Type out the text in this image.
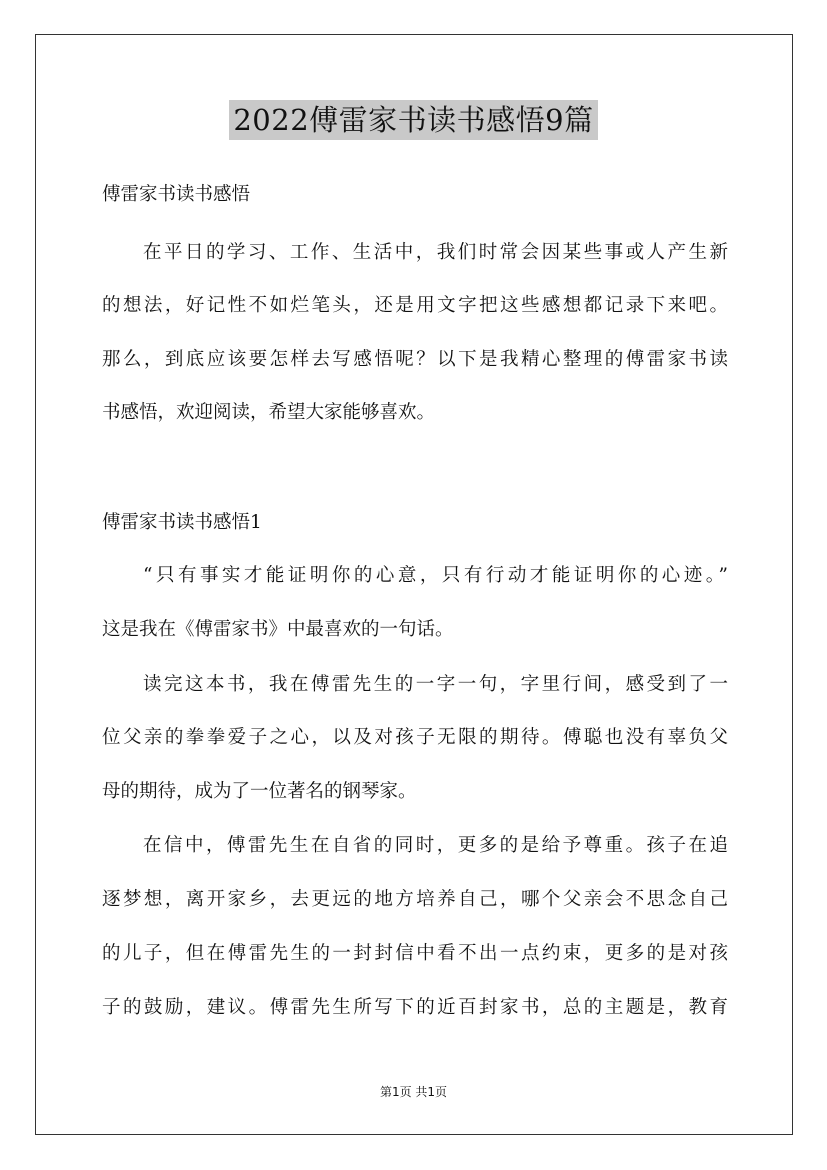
2022傅雷家书读书感悟9篇
傅雷家书读书感悟
在平日的学习、工作、生活中，我们时常会因某些事或人产生新
的想法，好记性不如烂笔头，还是用文字把这些感想都记录下来吧。
那么，到底应该要怎样去写感悟呢？以下是我精心整理的傅雷家书读
书感悟，欢迎阅读，希望大家能够喜欢。
傅雷家书读书感悟1
“只有事实才能证明你的心意，只有行动才能证明你的心迹。”
这是我在《傅雷家书》中最喜欢的一句话。
读完这本书，我在傅雷先生的一字一句，字里行间，感受到了一
位父亲的拳拳爱子之心，以及对孩子无限的期待。傅聪也没有辜负父
母的期待，成为了一位著名的钢琴家。
在信中，傅雷先生在自省的同时，更多的是给予尊重。孩子在追
逐梦想，离开家乡，去更远的地方培养自己，哪个父亲会不思念自己
的儿子，但在傅雷先生的一封封信中看不出一点约束，更多的是对孩
子的鼓励，建议。傅雷先生所写下的近百封家书，总的主题是，教育
第1页 共1页
